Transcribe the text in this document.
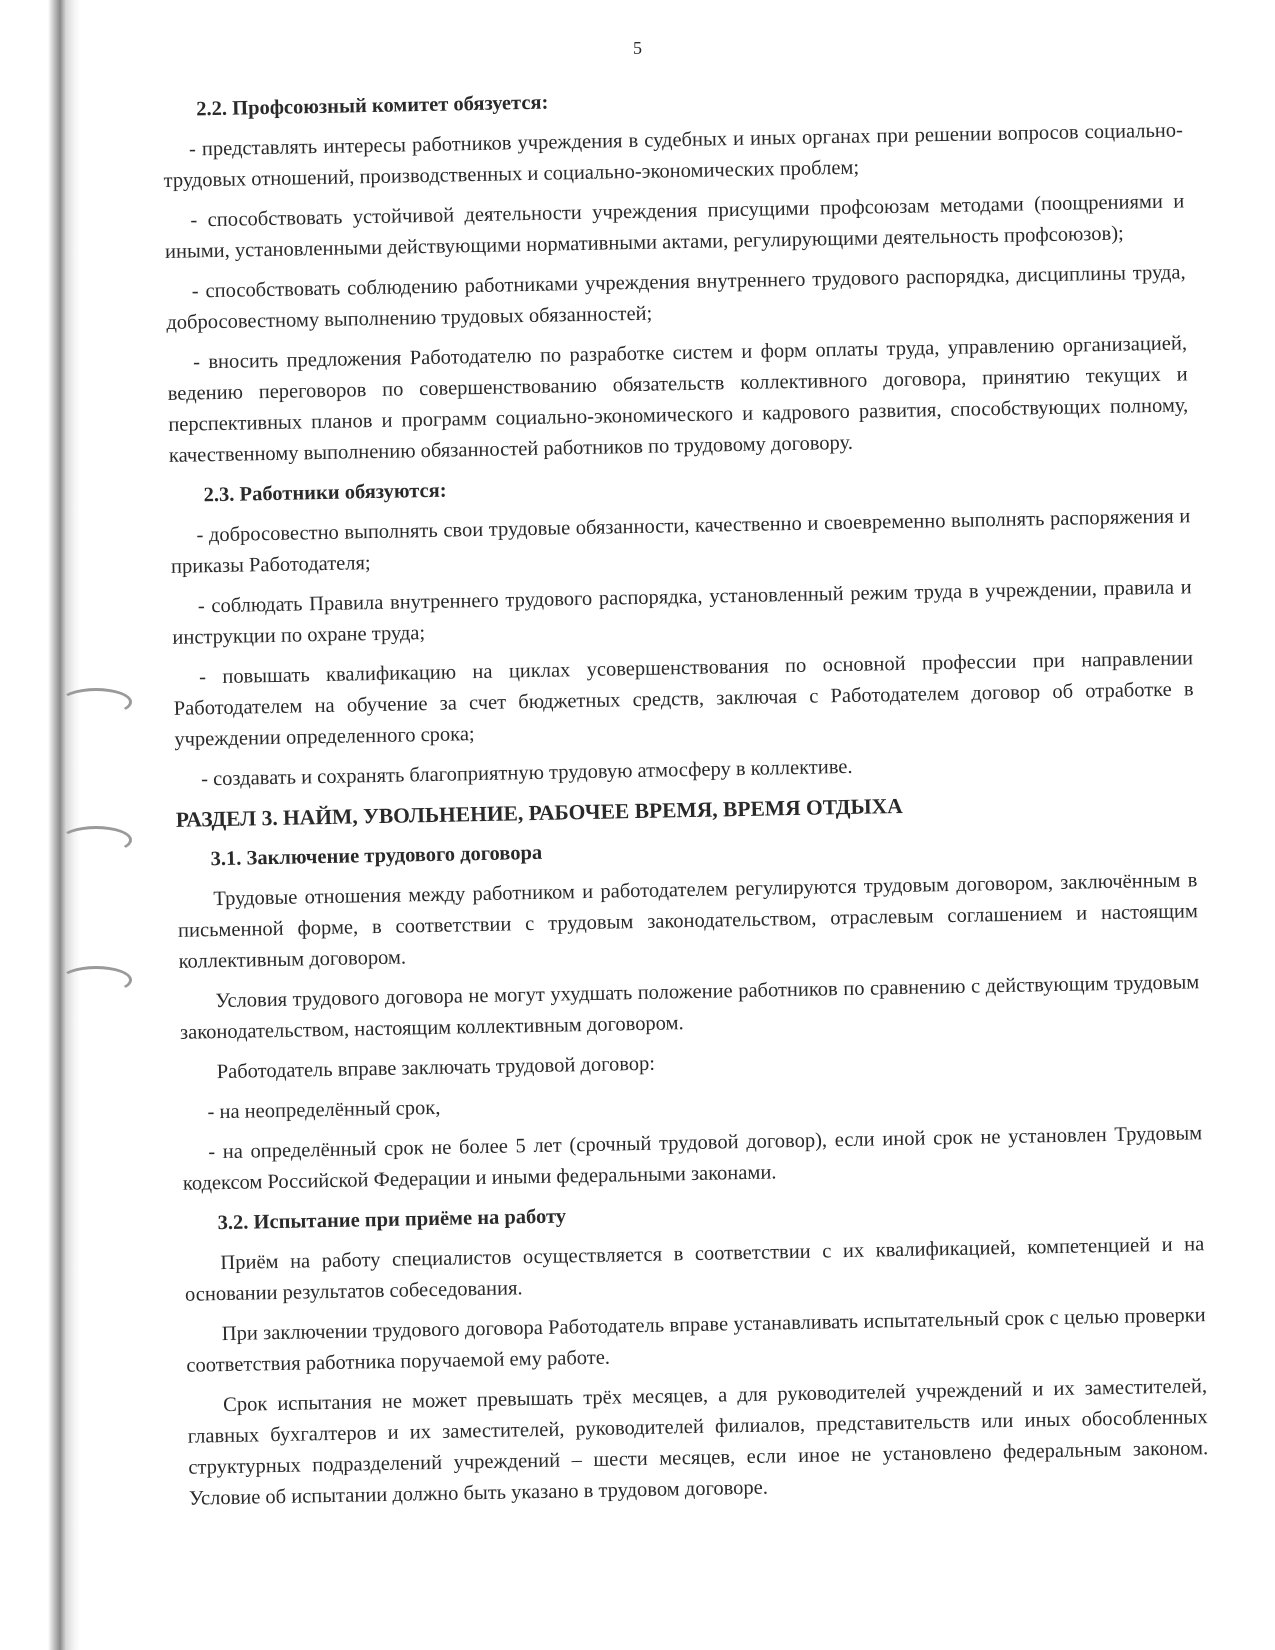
5

2.2. Профсоюзный комитет обязуется:

- представлять интересы работников учреждения в судебных и иных органах при решении вопросов социально-трудовых отношений, производственных и социально-экономических проблем;

- способствовать устойчивой деятельности учреждения присущими профсоюзам методами (поощрениями и иными, установленными действующими нормативными актами, регулирующими деятельность профсоюзов);

- способствовать соблюдению работниками учреждения внутреннего трудового распорядка, дисциплины труда, добросовестному выполнению трудовых обязанностей;

- вносить предложения Работодателю по разработке систем и форм оплаты труда, управлению организацией, ведению переговоров по совершенствованию обязательств коллективного договора, принятию текущих и перспективных планов и программ социально-экономического и кадрового развития, способствующих полному, качественному выполнению обязанностей работников по трудовому договору.

2.3. Работники обязуются:

- добросовестно выполнять свои трудовые обязанности, качественно и своевременно выполнять распоряжения и приказы Работодателя;

- соблюдать Правила внутреннего трудового распорядка, установленный режим труда в учреждении, правила и инструкции по охране труда;

- повышать квалификацию на циклах усовершенствования по основной профессии при направлении Работодателем на обучение за счет бюджетных средств, заключая с Работодателем договор об отработке в учреждении определенного срока;

- создавать и сохранять благоприятную трудовую атмосферу в коллективе.

РАЗДЕЛ 3. НАЙМ, УВОЛЬНЕНИЕ, РАБОЧЕЕ ВРЕМЯ, ВРЕМЯ ОТДЫХА

3.1. Заключение трудового договора

Трудовые отношения между работником и работодателем регулируются трудовым договором, заключённым в письменной форме, в соответствии с трудовым законодательством, отраслевым соглашением и настоящим коллективным договором.

Условия трудового договора не могут ухудшать положение работников по сравнению с действующим трудовым законодательством, настоящим коллективным договором.

Работодатель вправе заключать трудовой договор:

- на неопределённый срок,

- на определённый срок не более 5 лет (срочный трудовой договор), если иной срок не установлен Трудовым кодексом Российской Федерации и иными федеральными законами.

3.2. Испытание при приёме на работу

Приём на работу специалистов осуществляется в соответствии с их квалификацией, компетенцией и на основании результатов собеседования.

При заключении трудового договора Работодатель вправе устанавливать испытательный срок с целью проверки соответствия работника поручаемой ему работе.

Срок испытания не может превышать трёх месяцев, а для руководителей учреждений и их заместителей, главных бухгалтеров и их заместителей, руководителей филиалов, представительств или иных обособленных структурных подразделений учреждений – шести месяцев, если иное не установлено федеральным законом. Условие об испытании должно быть указано в трудовом договоре.
